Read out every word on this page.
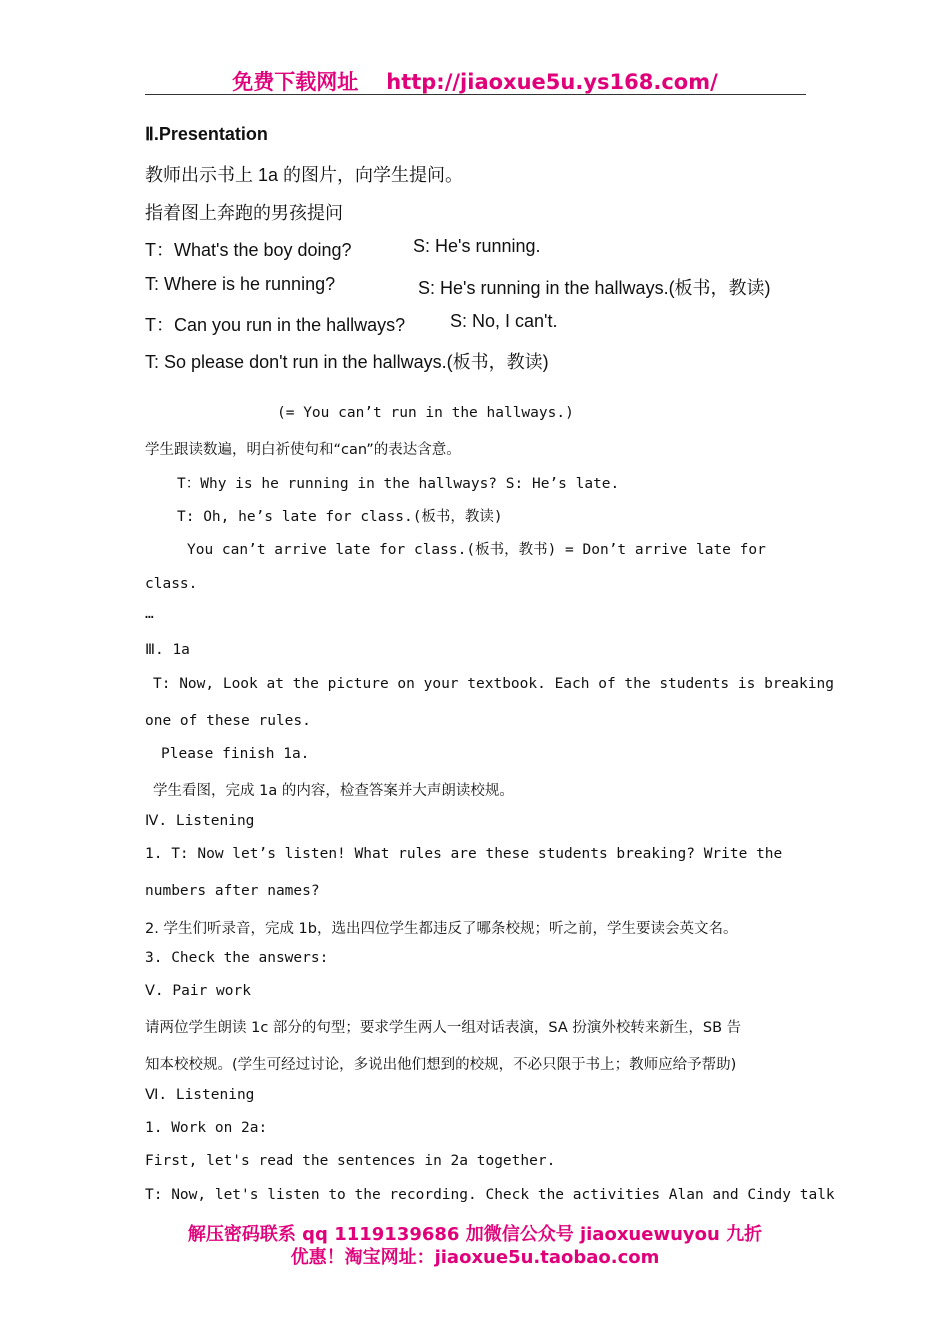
免费下载网址 http://jiaoxue5u.ys168.com/
Ⅱ.Presentation
教师出示书上 1a 的图片，向学生提问。
指着图上奔跑的男孩提问
T：What's the boy doing?	S: He's running.
T: Where is he running?	S: He's running in the hallways.(板书，教读)
T：Can you run in the hallways? S: No, I can't.
T: So please don't run in the hallways.(板书，教读)
(= You can’t run in the hallways.)
学生跟读数遍，明白祈使句和“can”的表达含意。
T：Why is he running in the hallways? S: He’s late.
T: Oh, he’s late for class.(板书，教读)
You can’t arrive late for class.(板书，教书) = Don’t arrive late for
class.
…
Ⅲ. 1a
T: Now, Look at the picture on your textbook. Each of the students is breaking
one of these rules.
Please finish 1a.
学生看图，完成 1a 的内容，检查答案并大声朗读校规。
Ⅳ. Listening
1. T: Now let’s listen! What rules are these students breaking? Write the
numbers after names?
2. 学生们听录音，完成 1b，选出四位学生都违反了哪条校规；听之前，学生要读会英文名。
3. Check the answers:
Ⅴ. Pair work
请两位学生朗读 1c 部分的句型；要求学生两人一组对话表演，SA 扮演外校转来新生，SB 告
知本校校规。(学生可经过讨论，多说出他们想到的校规，不必只限于书上；教师应给予帮助)
Ⅵ. Listening
1. Work on 2a:
First, let's read the sentences in 2a together.
T: Now, let's listen to the recording. Check the activities Alan and Cindy talk
解压密码联系 qq 1119139686 加微信公众号 jiaoxuewuyou 九折
优惠！淘宝网址：jiaoxue5u.taobao.com
